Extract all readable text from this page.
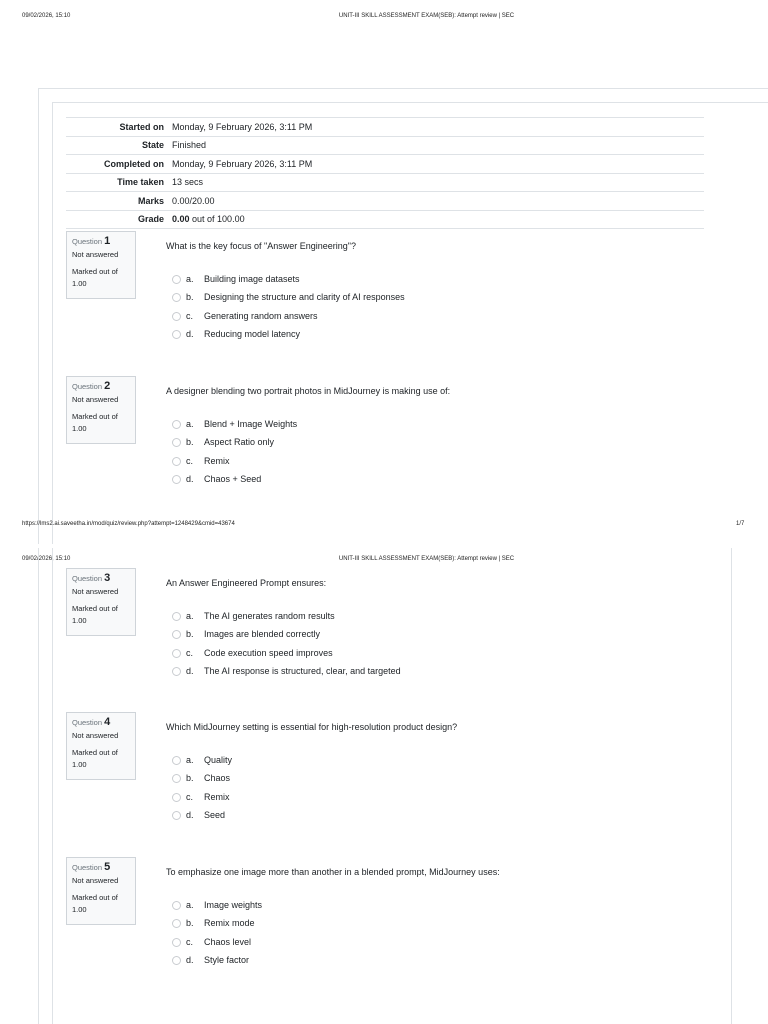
09/02/2026, 15:10	UNIT-III SKILL ASSESSMENT EXAM(SEB): Attempt review | SEC
Started on	Monday, 9 February 2026, 3:11 PM
State	Finished
Completed on	Monday, 9 February 2026, 3:11 PM
Time taken	13 secs
Marks	0.00/20.00
Grade	0.00 out of 100.00
Question 1
Not answered
Marked out of
1.00
What is the key focus of "Answer Engineering"?
a. Building image datasets
b. Designing the structure and clarity of AI responses
c. Generating random answers
d. Reducing model latency
Question 2
Not answered
Marked out of
1.00
A designer blending two portrait photos in MidJourney is making use of:
a. Blend + Image Weights
b. Aspect Ratio only
c. Remix
d. Chaos + Seed
https://lms2.ai.saveetha.in/mod/quiz/review.php?attempt=1248429&cmid=43674	1/7
09/02/2026, 15:10	UNIT-III SKILL ASSESSMENT EXAM(SEB): Attempt review | SEC
Question 3
Not answered
Marked out of
1.00
An Answer Engineered Prompt ensures:
a. The AI generates random results
b. Images are blended correctly
c. Code execution speed improves
d. The AI response is structured, clear, and targeted
Question 4
Not answered
Marked out of
1.00
Which MidJourney setting is essential for high-resolution product design?
a. Quality
b. Chaos
c. Remix
d. Seed
Question 5
Not answered
Marked out of
1.00
To emphasize one image more than another in a blended prompt, MidJourney uses:
a. Image weights
b. Remix mode
c. Chaos level
d. Style factor
